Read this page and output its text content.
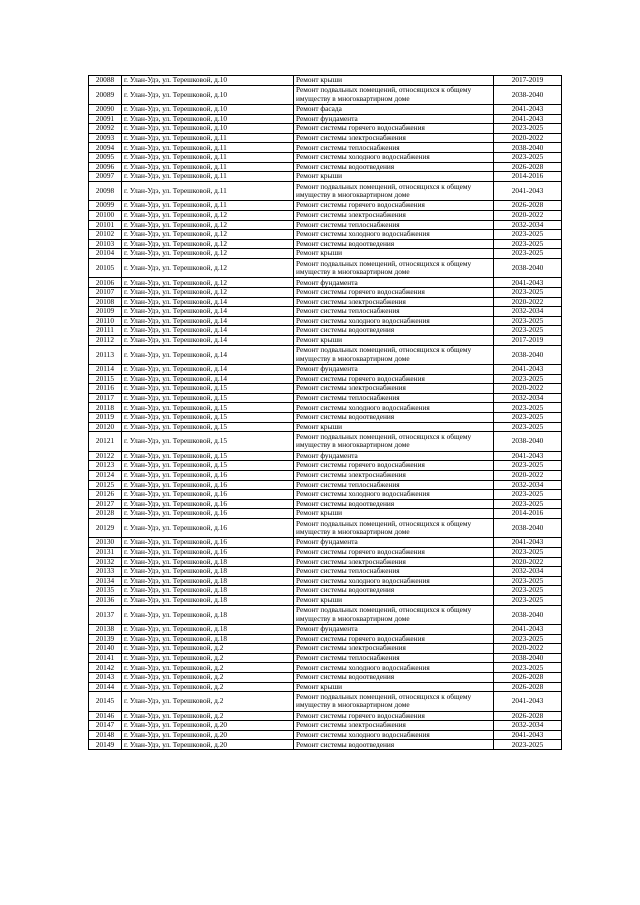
20088	г. Улан-Удэ, ул. Терешковой, д.10	Ремонт крыши	2017-2019
20089	г. Улан-Удэ, ул. Терешковой, д.10	Ремонт подвальных помещений, относящихся к общему имуществу в многоквартирном доме	2038-2040
20090	г. Улан-Удэ, ул. Терешковой, д.10	Ремонт фасада	2041-2043
20091	г. Улан-Удэ, ул. Терешковой, д.10	Ремонт фундамента	2041-2043
20092	г. Улан-Удэ, ул. Терешковой, д.10	Ремонт системы горячего водоснабжения	2023-2025
20093	г. Улан-Удэ, ул. Терешковой, д.11	Ремонт системы электроснабжения	2020-2022
20094	г. Улан-Удэ, ул. Терешковой, д.11	Ремонт системы теплоснабжения	2038-2040
20095	г. Улан-Удэ, ул. Терешковой, д.11	Ремонт системы холодного водоснабжения	2023-2025
20096	г. Улан-Удэ, ул. Терешковой, д.11	Ремонт системы водоотведения	2026-2028
20097	г. Улан-Удэ, ул. Терешковой, д.11	Ремонт крыши	2014-2016
20098	г. Улан-Удэ, ул. Терешковой, д.11	Ремонт подвальных помещений, относящихся к общему имуществу в многоквартирном доме	2041-2043
20099	г. Улан-Удэ, ул. Терешковой, д.11	Ремонт системы горячего водоснабжения	2026-2028
20100	г. Улан-Удэ, ул. Терешковой, д.12	Ремонт системы электроснабжения	2020-2022
20101	г. Улан-Удэ, ул. Терешковой, д.12	Ремонт системы теплоснабжения	2032-2034
20102	г. Улан-Удэ, ул. Терешковой, д.12	Ремонт системы холодного водоснабжения	2023-2025
20103	г. Улан-Удэ, ул. Терешковой, д.12	Ремонт системы водоотведения	2023-2025
20104	г. Улан-Удэ, ул. Терешковой, д.12	Ремонт крыши	2023-2025
20105	г. Улан-Удэ, ул. Терешковой, д.12	Ремонт подвальных помещений, относящихся к общему имуществу в многоквартирном доме	2038-2040
20106	г. Улан-Удэ, ул. Терешковой, д.12	Ремонт фундамента	2041-2043
20107	г. Улан-Удэ, ул. Терешковой, д.12	Ремонт системы горячего водоснабжения	2023-2025
20108	г. Улан-Удэ, ул. Терешковой, д.14	Ремонт системы электроснабжения	2020-2022
20109	г. Улан-Удэ, ул. Терешковой, д.14	Ремонт системы теплоснабжения	2032-2034
20110	г. Улан-Удэ, ул. Терешковой, д.14	Ремонт системы холодного водоснабжения	2023-2025
20111	г. Улан-Удэ, ул. Терешковой, д.14	Ремонт системы водоотведения	2023-2025
20112	г. Улан-Удэ, ул. Терешковой, д.14	Ремонт крыши	2017-2019
20113	г. Улан-Удэ, ул. Терешковой, д.14	Ремонт подвальных помещений, относящихся к общему имуществу в многоквартирном доме	2038-2040
20114	г. Улан-Удэ, ул. Терешковой, д.14	Ремонт фундамента	2041-2043
20115	г. Улан-Удэ, ул. Терешковой, д.14	Ремонт системы горячего водоснабжения	2023-2025
20116	г. Улан-Удэ, ул. Терешковой, д.15	Ремонт системы электроснабжения	2020-2022
20117	г. Улан-Удэ, ул. Терешковой, д.15	Ремонт системы теплоснабжения	2032-2034
20118	г. Улан-Удэ, ул. Терешковой, д.15	Ремонт системы холодного водоснабжения	2023-2025
20119	г. Улан-Удэ, ул. Терешковой, д.15	Ремонт системы водоотведения	2023-2025
20120	г. Улан-Удэ, ул. Терешковой, д.15	Ремонт крыши	2023-2025
20121	г. Улан-Удэ, ул. Терешковой, д.15	Ремонт подвальных помещений, относящихся к общему имуществу в многоквартирном доме	2038-2040
20122	г. Улан-Удэ, ул. Терешковой, д.15	Ремонт фундамента	2041-2043
20123	г. Улан-Удэ, ул. Терешковой, д.15	Ремонт системы горячего водоснабжения	2023-2025
20124	г. Улан-Удэ, ул. Терешковой, д.16	Ремонт системы электроснабжения	2020-2022
20125	г. Улан-Удэ, ул. Терешковой, д.16	Ремонт системы теплоснабжения	2032-2034
20126	г. Улан-Удэ, ул. Терешковой, д.16	Ремонт системы холодного водоснабжения	2023-2025
20127	г. Улан-Удэ, ул. Терешковой, д.16	Ремонт системы водоотведения	2023-2025
20128	г. Улан-Удэ, ул. Терешковой, д.16	Ремонт крыши	2014-2016
20129	г. Улан-Удэ, ул. Терешковой, д.16	Ремонт подвальных помещений, относящихся к общему имуществу в многоквартирном доме	2038-2040
20130	г. Улан-Удэ, ул. Терешковой, д.16	Ремонт фундамента	2041-2043
20131	г. Улан-Удэ, ул. Терешковой, д.16	Ремонт системы горячего водоснабжения	2023-2025
20132	г. Улан-Удэ, ул. Терешковой, д.18	Ремонт системы электроснабжения	2020-2022
20133	г. Улан-Удэ, ул. Терешковой, д.18	Ремонт системы теплоснабжения	2032-2034
20134	г. Улан-Удэ, ул. Терешковой, д.18	Ремонт системы холодного водоснабжения	2023-2025
20135	г. Улан-Удэ, ул. Терешковой, д.18	Ремонт системы водоотведения	2023-2025
20136	г. Улан-Удэ, ул. Терешковой, д.18	Ремонт крыши	2023-2025
20137	г. Улан-Удэ, ул. Терешковой, д.18	Ремонт подвальных помещений, относящихся к общему имуществу в многоквартирном доме	2038-2040
20138	г. Улан-Удэ, ул. Терешковой, д.18	Ремонт фундамента	2041-2043
20139	г. Улан-Удэ, ул. Терешковой, д.18	Ремонт системы горячего водоснабжения	2023-2025
20140	г. Улан-Удэ, ул. Терешковой, д.2	Ремонт системы электроснабжения	2020-2022
20141	г. Улан-Удэ, ул. Терешковой, д.2	Ремонт системы теплоснабжения	2038-2040
20142	г. Улан-Удэ, ул. Терешковой, д.2	Ремонт системы холодного водоснабжения	2023-2025
20143	г. Улан-Удэ, ул. Терешковой, д.2	Ремонт системы водоотведения	2026-2028
20144	г. Улан-Удэ, ул. Терешковой, д.2	Ремонт крыши	2026-2028
20145	г. Улан-Удэ, ул. Терешковой, д.2	Ремонт подвальных помещений, относящихся к общему имуществу в многоквартирном доме	2041-2043
20146	г. Улан-Удэ, ул. Терешковой, д.2	Ремонт системы горячего водоснабжения	2026-2028
20147	г. Улан-Удэ, ул. Терешковой, д.20	Ремонт системы электроснабжения	2032-2034
20148	г. Улан-Удэ, ул. Терешковой, д.20	Ремонт системы холодного водоснабжения	2041-2043
20149	г. Улан-Удэ, ул. Терешковой, д.20	Ремонт системы водоотведения	2023-2025
